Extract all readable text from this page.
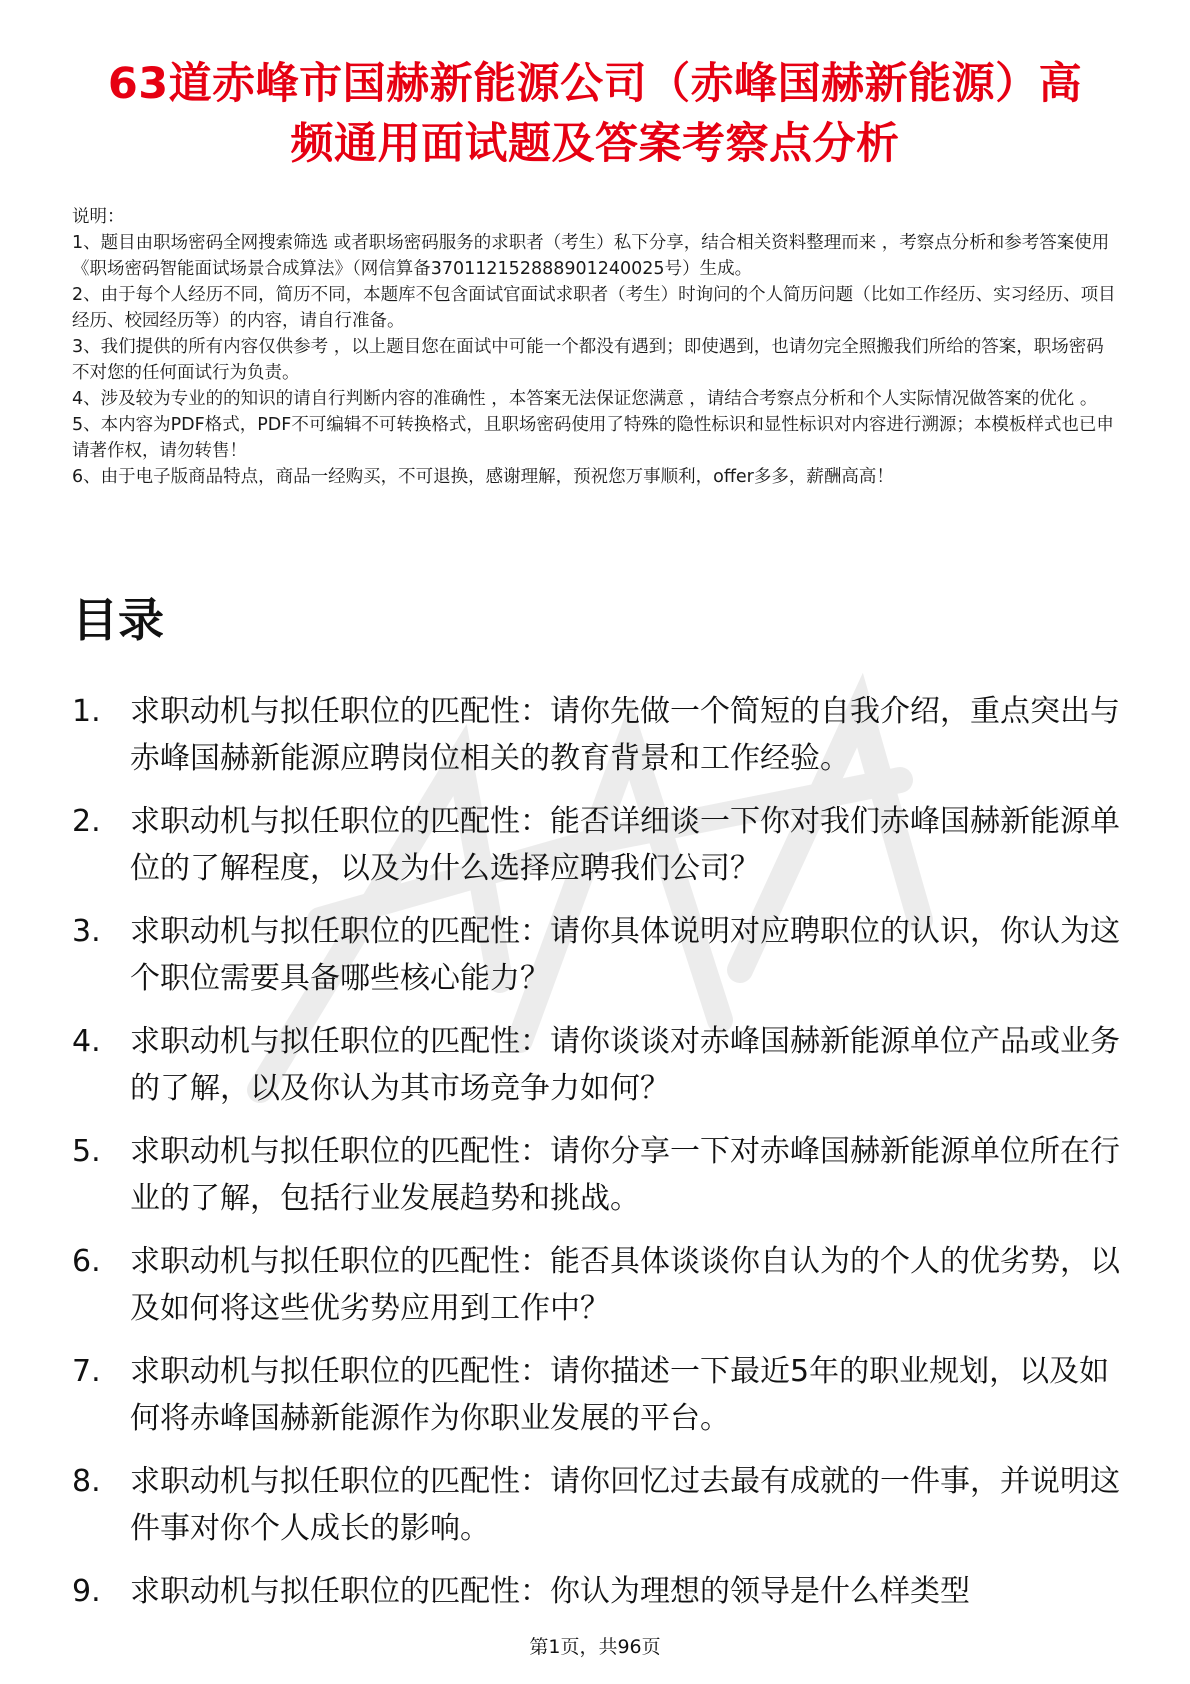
63道赤峰市国赫新能源公司（赤峰国赫新能源）高频通用面试题及答案考察点分析

说明：

1、题目由职场密码全网搜索筛选 或者职场密码服务的求职者（考生）私下分享，结合相关资料整理而来 ，考察点分析和参考答案使用《职场密码智能面试场景合成算法》（网信算备370112152888901240025号）生成。

2、由于每个人经历不同，简历不同，本题库不包含面试官面试求职者（考生）时询问的个人简历问题（比如工作经历、实习经历、项目经历、校园经历等）的内容，请自行准备。

3、我们提供的所有内容仅供参考 ，以上题目您在面试中可能一个都没有遇到；即使遇到，也请勿完全照搬我们所给的答案，职场密码不对您的任何面试行为负责。

4、涉及较为专业的的知识的请自行判断内容的准确性 ，本答案无法保证您满意 ，请结合考察点分析和个人实际情况做答案的优化 。

5、本内容为PDF格式，PDF不可编辑不可转换格式，且职场密码使用了特殊的隐性标识和显性标识对内容进行溯源；本模板样式也已申请著作权，请勿转售！

6、由于电子版商品特点，商品一经购买，不可退换，感谢理解，预祝您万事顺利，offer多多，薪酬高高！

目录
1. 求职动机与拟任职位的匹配性：请你先做一个简短的自我介绍，重点突出与赤峰国赫新能源应聘岗位相关的教育背景和工作经验。
2. 求职动机与拟任职位的匹配性：能否详细谈一下你对我们赤峰国赫新能源单位的了解程度，以及为什么选择应聘我们公司？
3. 求职动机与拟任职位的匹配性：请你具体说明对应聘职位的认识，你认为这个职位需要具备哪些核心能力？
4. 求职动机与拟任职位的匹配性：请你谈谈对赤峰国赫新能源单位产品或业务的了解，以及你认为其市场竞争力如何？
5. 求职动机与拟任职位的匹配性：请你分享一下对赤峰国赫新能源单位所在行业的了解，包括行业发展趋势和挑战。
6. 求职动机与拟任职位的匹配性：能否具体谈谈你自认为的个人的优劣势，以及如何将这些优劣势应用到工作中？
7. 求职动机与拟任职位的匹配性：请你描述一下最近5年的职业规划，以及如何将赤峰国赫新能源作为你职业发展的平台。
8. 求职动机与拟任职位的匹配性：请你回忆过去最有成就的一件事，并说明这件事对你个人成长的影响。
9. 求职动机与拟任职位的匹配性：你认为理想的领导是什么样类型
第1页，共96页
